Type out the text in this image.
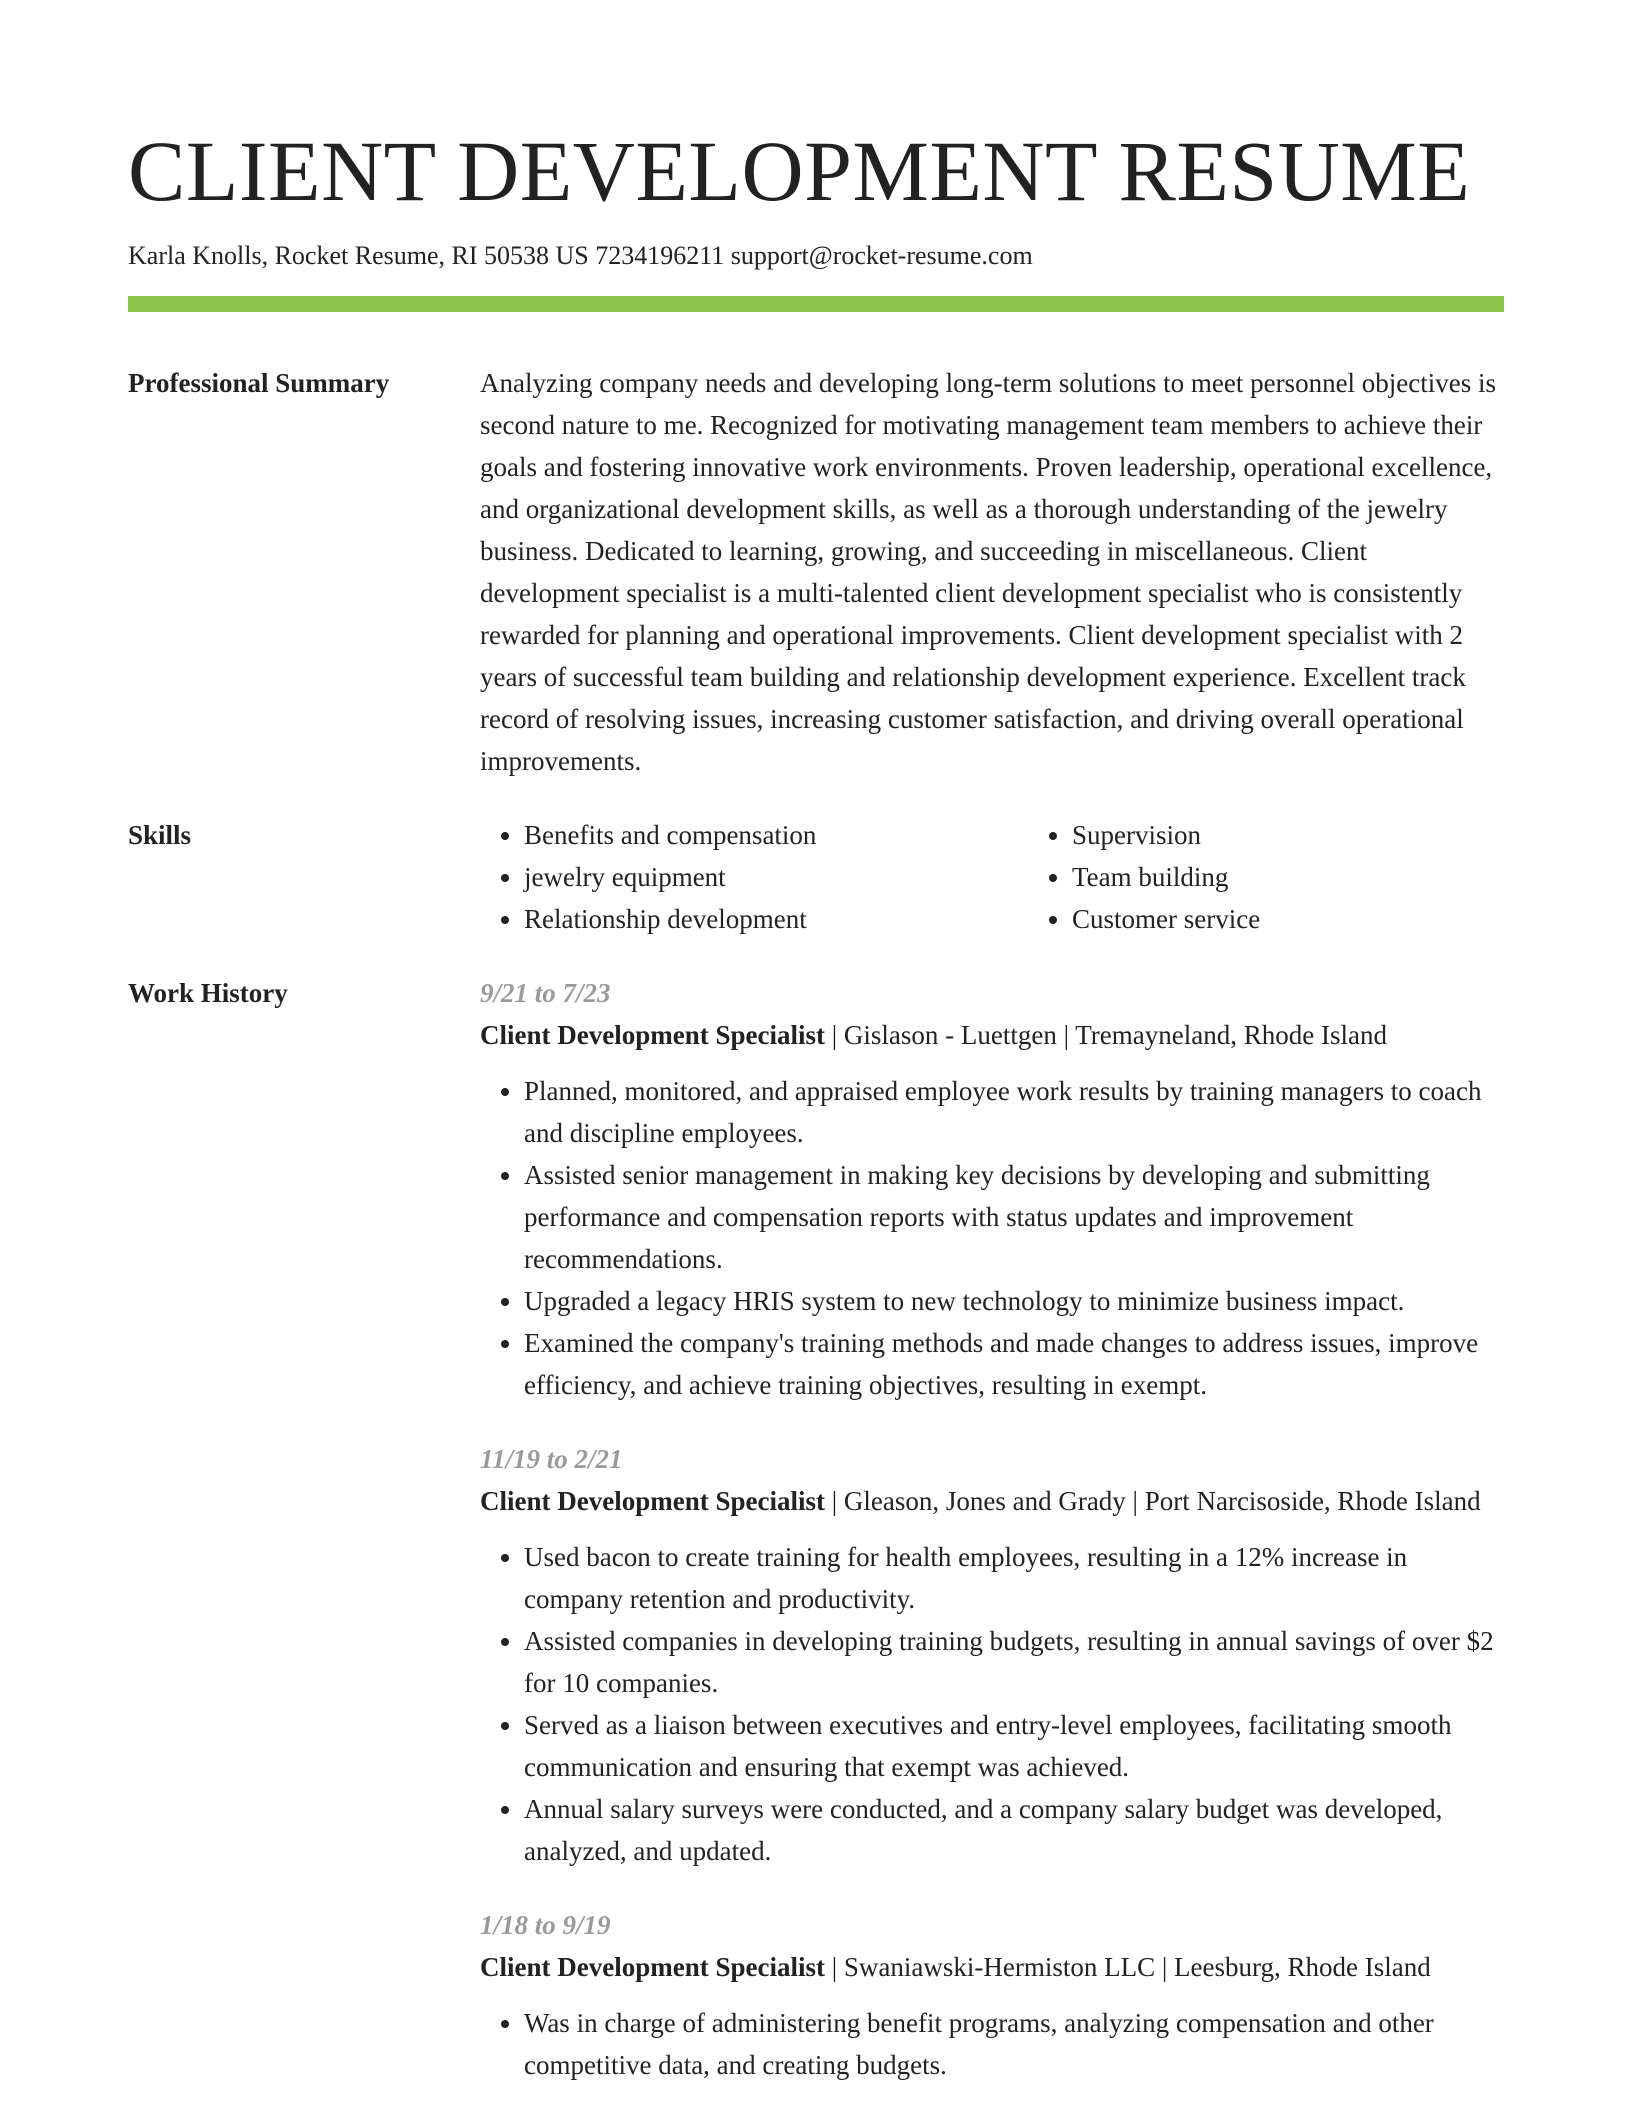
CLIENT DEVELOPMENT RESUME
Karla Knolls, Rocket Resume, RI 50538 US 7234196211 support@rocket-resume.com
Professional Summary	Analyzing company needs and developing long-term solutions to meet personnel objectives is second nature to me. Recognized for motivating management team members to achieve their goals and fostering innovative work environments. Proven leadership, operational excellence, and organizational development skills, as well as a thorough understanding of the jewelry business. Dedicated to learning, growing, and succeeding in miscellaneous. Client development specialist is a multi-talented client development specialist who is consistently rewarded for planning and operational improvements. Client development specialist with 2 years of successful team building and relationship development experience. Excellent track record of resolving issues, increasing customer satisfaction, and driving overall operational improvements.

Skills
•	Benefits and compensation
• jewelry equipment
• Relationship development
• Supervision
• Team building
• Customer service
Work History	9/21 to 7/23
Client Development Specialist | Gislason - Luettgen | Tremayneland, Rhode Island
• Planned, monitored, and appraised employee work results by training managers to coach and discipline employees.
• Assisted senior management in making key decisions by developing and submitting performance and compensation reports with status updates and improvement recommendations.
• Upgraded a legacy HRIS system to new technology to minimize business impact.
• Examined the company's training methods and made changes to address issues, improve efficiency, and achieve training objectives, resulting in exempt.
11/19 to 2/21
Client Development Specialist | Gleason, Jones and Grady | Port Narcisoside, Rhode Island
• Used bacon to create training for health employees, resulting in a 12% increase in company retention and productivity.
• Assisted companies in developing training budgets, resulting in annual savings of over $2 for 10 companies.
• Served as a liaison between executives and entry-level employees, facilitating smooth communication and ensuring that exempt was achieved.
• Annual salary surveys were conducted, and a company salary budget was developed, analyzed, and updated.
1/18 to 9/19
Client Development Specialist | Swaniawski-Hermiston LLC | Leesburg, Rhode Island
• Was in charge of administering benefit programs, analyzing compensation and other competitive data, and creating budgets.
